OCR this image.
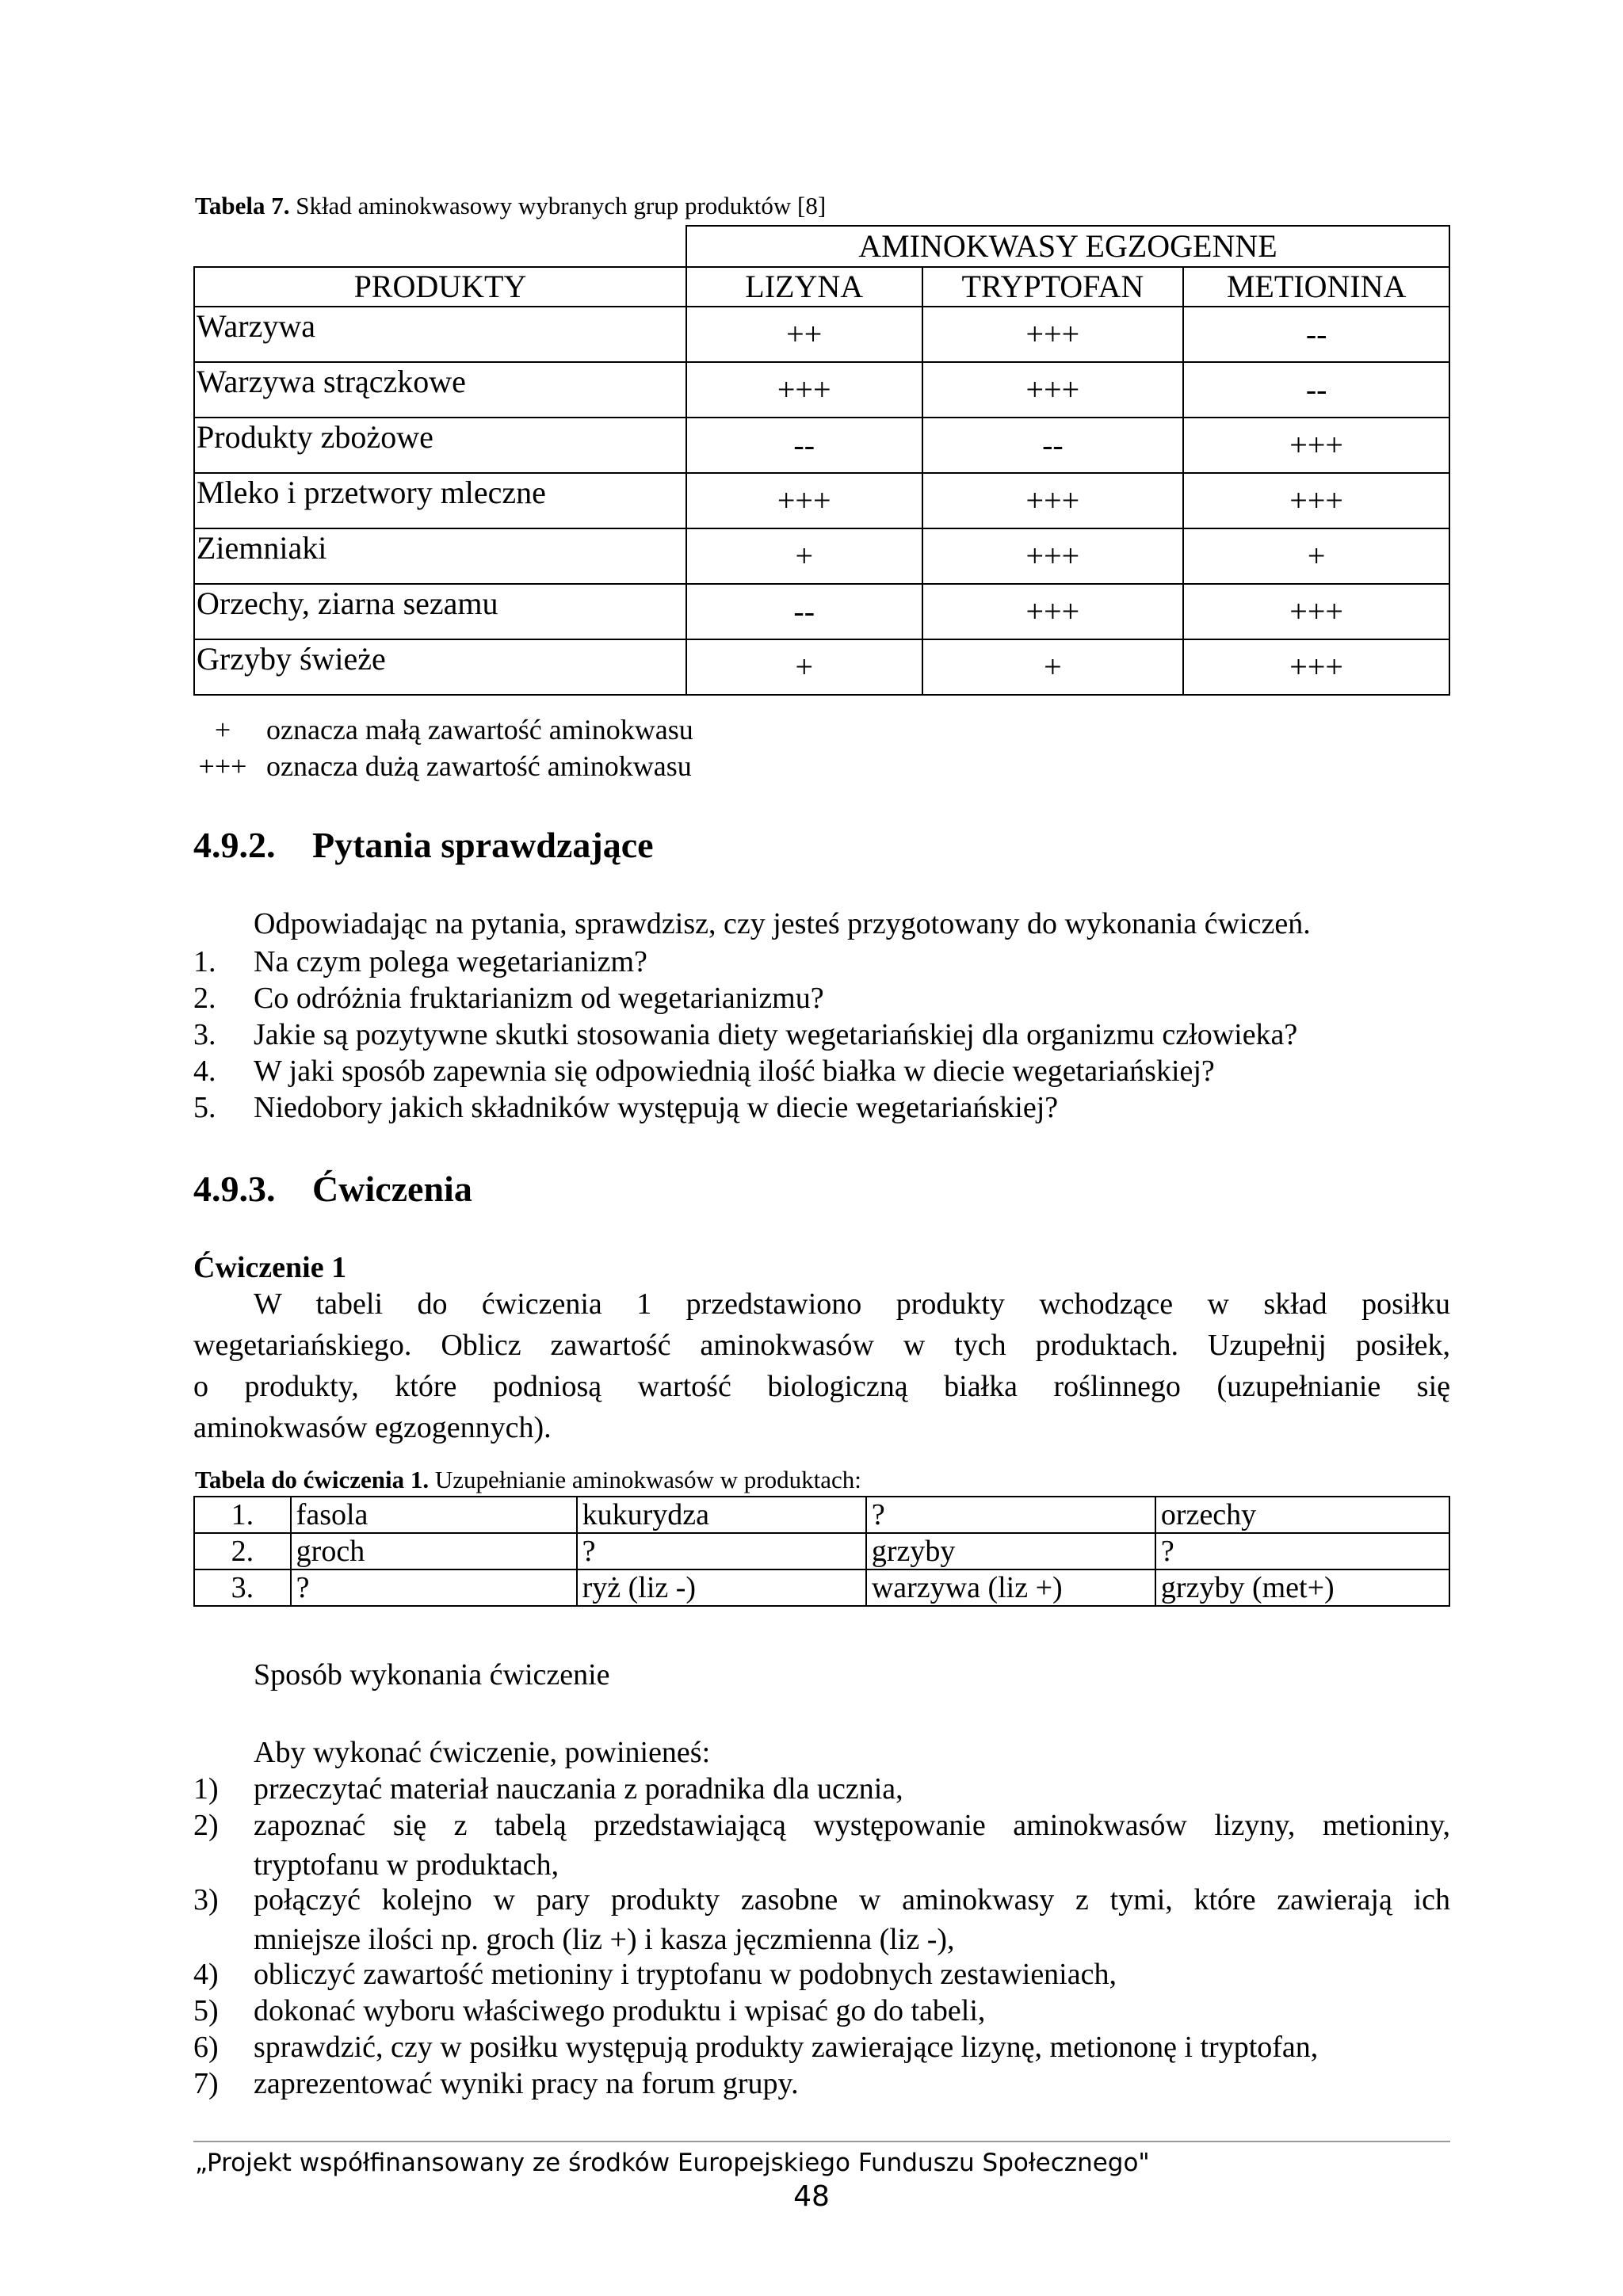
Tabela 7. Skład aminokwasowy wybranych grup produktów [8]
	AMINOKWASY EGZOGENNE		
PRODUKTY	LIZYNA	TRYPTOFAN	METIONINA
Warzywa	++	+++	--
Warzywa strączkowe	+++	+++	--
Produkty zbożowe	--	--	+++
Mleko i przetwory mleczne	+++	+++	+++
Ziemniaki	+	+++	+
Orzechy, ziarna sezamu	--	+++	+++
Grzyby świeże	+	+	+++
+ oznacza małą zawartość aminokwasu
+++ oznacza dużą zawartość aminokwasu
4.9.2. Pytania sprawdzające
Odpowiadając na pytania, sprawdzisz, czy jesteś przygotowany do wykonania ćwiczeń.
1. Na czym polega wegetarianizm?
2. Co odróżnia fruktarianizm od wegetarianizmu?
3. Jakie są pozytywne skutki stosowania diety wegetariańskiej dla organizmu człowieka?
4. W jaki sposób zapewnia się odpowiednią ilość białka w diecie wegetariańskiej?
5. Niedobory jakich składników występują w diecie wegetariańskiej?
4.9.3. Ćwiczenia
Ćwiczenie 1
W tabeli do ćwiczenia 1 przedstawiono produkty wchodzące w skład posiłku
wegetariańskiego. Oblicz zawartość aminokwasów w tych produktach. Uzupełnij posiłek,
o produkty, które podniosą wartość biologiczną białka roślinnego (uzupełnianie się
aminokwasów egzogennych).
Tabela do ćwiczenia 1. Uzupełnianie aminokwasów w produktach:
1.	fasola	kukurydza	?	orzechy
2.	groch	?	grzyby	?
3.	?	ryż (liz -)	warzywa (liz +)	grzyby (met+)
Sposób wykonania ćwiczenie
Aby wykonać ćwiczenie, powinieneś:
1) przeczytać materiał nauczania z poradnika dla ucznia,
2)	zapoznać się z tabelą przedstawiającą występowanie aminokwasów lizyny, metioniny,
tryptofanu w produktach,
3)	połączyć kolejno w pary produkty zasobne w aminokwasy z tymi, które zawierają ich
mniejsze ilości np. groch (liz +) i kasza jęczmienna (liz -),
4) obliczyć zawartość metioniny i tryptofanu w podobnych zestawieniach,
5) dokonać wyboru właściwego produktu i wpisać go do tabeli,
6) sprawdzić, czy w posiłku występują produkty zawierające lizynę, metiononę i tryptofan,
7) zaprezentować wyniki pracy na forum grupy.
„Projekt współfinansowany ze środków Europejskiego Funduszu Społecznego"
48
